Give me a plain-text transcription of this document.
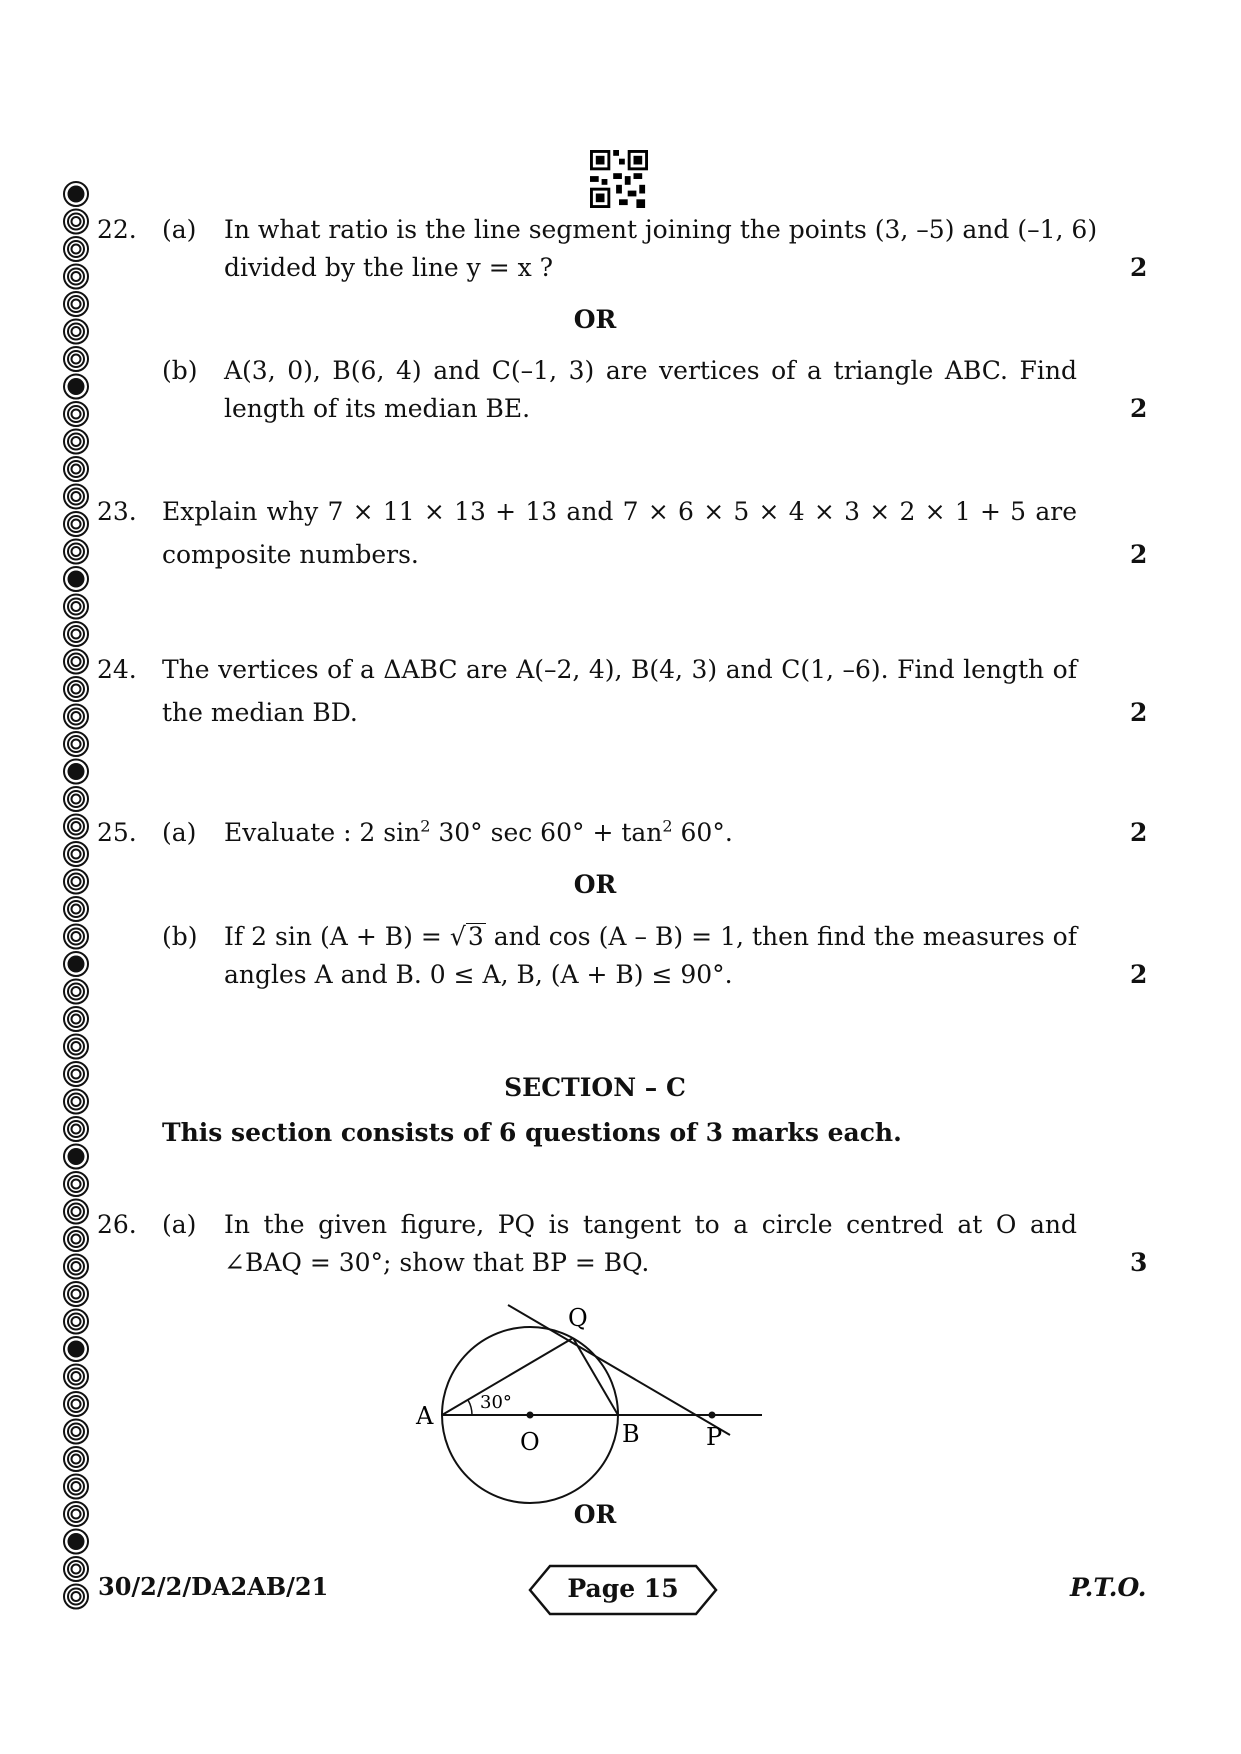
22. (a) In what ratio is the line segment joining the points (3, –5) and (–1, 6)
divided by the line y = x ?	2
OR
(b) A(3, 0), B(6, 4) and C(–1, 3) are vertices of a triangle ABC. Find
length of its median BE.	2
23. Explain why 7 × 11 × 13 + 13 and 7 × 6 × 5 × 4 × 3 × 2 × 1 + 5 are
composite numbers.	2
24. The vertices of a ΔABC are A(–2, 4), B(4, 3) and C(1, –6). Find length of
the median BD.	2
25. (a) Evaluate : 2 $\sin^2 30^\circ$ $\sec 60^\circ + \tan^2 60^\circ$.	2
OR
(b) If 2 sin (A + B) = √3 and cos (A – B) = 1, then find the measures of
angles A and B. 0 ≤ A, B, (A + B) ≤ 90°.	2
SECTION – C
This section consists of 6 questions of 3 marks each.
26. (a) In the given figure, PQ is tangent to a circle centred at O and
∠BAQ = 30°; show that BP = BQ.	3
A
O	B	P
Q
30°
OR
30/2/2/DA2AB/21	Page 15	P.T.O.
